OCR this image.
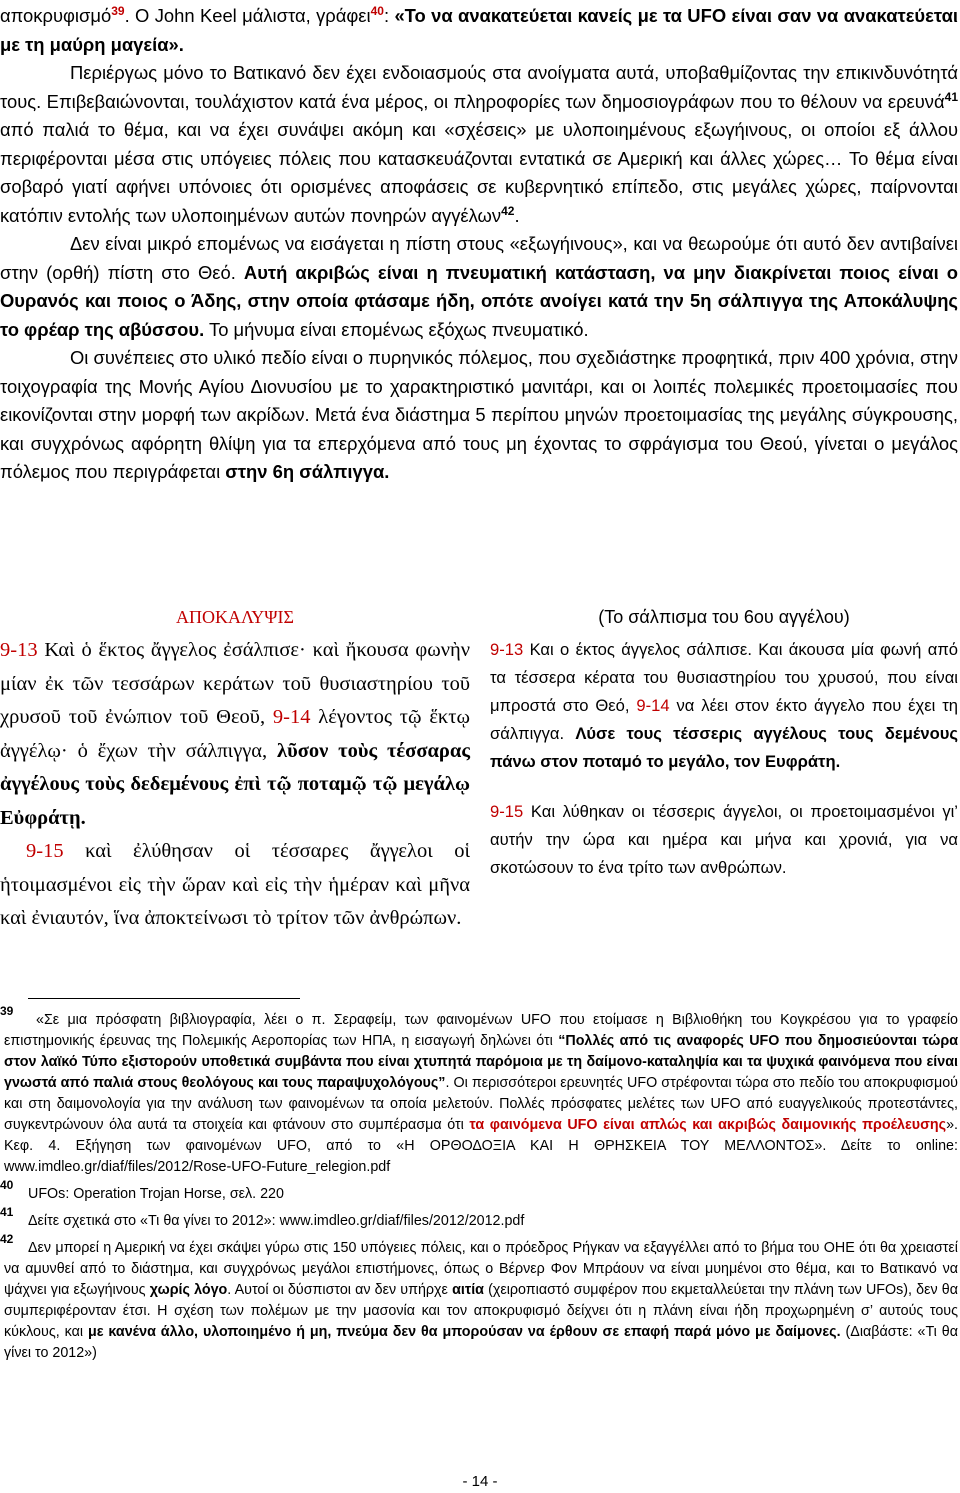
αποκρυφισμό$^{39}$. Ο John Keel μάλιστα, γράφει$^{40}$: «Το να ανακατεύεται κανείς με τα UFO είναι σαν να ανακατεύεται με τη μαύρη μαγεία».

Περιέργως μόνο το Βατικανό δεν έχει ενδοιασμούς στα ανοίγματα αυτά, υποβαθμίζοντας την επικινδυνότητά τους. Επιβεβαιώνονται, τουλάχιστον κατά ένα μέρος, οι πληροφορίες των δημοσιογράφων που το θέλουν να ερευνά$^{41}$ από παλιά το θέμα, και να έχει συνάψει ακόμη και «σχέσεις» με υλοποιημένους εξωγήινους, οι οποίοι εξ άλλου περιφέρονται μέσα στις υπόγειες πόλεις που κατασκευάζονται εντατικά σε Αμερική και άλλες χώρες… Το θέμα είναι σοβαρό γιατί αφήνει υπόνοιες ότι ορισμένες αποφάσεις σε κυβερνητικό επίπεδο, στις μεγάλες χώρες, παίρνονται κατόπιν εντολής των υλοποιημένων αυτών πονηρών αγγέλων$^{42}$.

Δεν είναι μικρό επομένως να εισάγεται η πίστη στους «εξωγήινους», και να θεωρούμε ότι αυτό δεν αντιβαίνει στην (ορθή) πίστη στο Θεό. Αυτή ακριβώς είναι η πνευματική κατάσταση, να μην διακρίνεται ποιος είναι ο Ουρανός και ποιος ο Άδης, στην οποία φτάσαμε ήδη, οπότε ανοίγει κατά την 5η σάλπιγγα της Αποκάλυψης το φρέαρ της αβύσσου. Το μήνυμα είναι επομένως εξόχως πνευματικό.

Οι συνέπειες στο υλικό πεδίο είναι ο πυρηνικός πόλεμος, που σχεδιάστηκε προφητικά, πριν 400 χρόνια, στην τοιχογραφία της Μονής Αγίου Διονυσίου με το χαρακτηριστικό μανιτάρι, και οι λοιπές πολεμικές προετοιμασίες που εικονίζονται στην μορφή των ακρίδων. Μετά ένα διάστημα 5 περίπου μηνών προετοιμασίας της μεγάλης σύγκρουσης, και συγχρόνως αφόρητη θλίψη για τα επερχόμενα από τους μη έχοντας το σφράγισμα του Θεού, γίνεται ο μεγάλος πόλεμος που περιγράφεται στην 6η σάλπιγγα.

ΑΠΟΚΑΛΥΨΙΣ

9-13 Καὶ ὁ ἕκτος ἄγγελος ἐσάλπισε· καὶ ἤκουσα φωνὴν μίαν ἐκ τῶν τεσσάρων κεράτων τοῦ θυσιαστηρίου τοῦ χρυσοῦ τοῦ ἐνώπιον τοῦ Θεοῦ, 9-14 λέγοντος τῷ ἕκτῳ ἀγγέλῳ· ὁ ἔχων τὴν σάλπιγγα, λῦσον τοὺς τέσσαρας ἀγγέλους τοὺς δεδεμένους ἐπὶ τῷ ποταμῷ τῷ μεγάλῳ Εὐφράτῃ.

9-15 καὶ ἐλύθησαν οἱ τέσσαρες ἄγγελοι οἱ ἡτοιμασμένοι εἰς τὴν ὥραν καὶ εἰς τὴν ἡμέραν καὶ μῆνα καὶ ἐνιαυτόν, ἵνα ἀποκτείνωσι τὸ τρίτον τῶν ἀνθρώπων.

(Το σάλπισμα του 6ου αγγέλου)

9-13 Και ο έκτος άγγελος σάλπισε. Και άκουσα μία φωνή από τα τέσσερα κέρατα του θυσιαστηρίου του χρυσού, που είναι μπροστά στο Θεό, 9-14 να λέει στον έκτο άγγελο που έχει τη σάλπιγγα. Λύσε τους τέσσερις αγγέλους τους δεμένους πάνω στον ποταμό το μεγάλο, τον Ευφράτη.

9-15 Και λύθηκαν οι τέσσερις άγγελοι, οι προετοιμασμένοι γι’ αυτήν την ώρα και ημέρα και μήνα και χρονιά, για να σκοτώσουν το ένα τρίτο των ανθρώπων.

39

«Σε μια πρόσφατη βιβλιογραφία, λέει ο π. Σεραφείμ, των φαινομένων UFO που ετοίμασε η Βιβλιοθήκη του Κογκρέσου για το γραφείο επιστημονικής έρευνας της Πολεμικής Αεροπορίας των ΗΠΑ, η εισαγωγή δηλώνει ότι “Πολλές από τις αναφορές UFO που δημοσιεύονται τώρα στον λαϊκό Τύπο εξιστορούν υποθετικά συμβάντα που είναι χτυπητά παρόμοια με τη δαίμονο-καταληψία και τα ψυχικά φαινόμενα που είναι γνωστά από παλιά στους θεολόγους και τους παραψυχολόγους”. Οι περισσότεροι ερευνητές UFO στρέφονται τώρα στο πεδίο του αποκρυφισμού και στη δαιμονολογία για την ανάλυση των φαινομένων τα οποία μελετούν. Πολλές πρόσφατες μελέτες των UFO από ευαγγελικούς προτεστάντες, συγκεντρώνουν όλα αυτά τα στοιχεία και φτάνουν στο συμπέρασμα ότι τα φαινόμενα UFO είναι απλώς και ακριβώς δαιμονικής προέλευσης». Κεφ. 4. Εξήγηση των φαινομένων UFO, από το «Η ΟΡΘΟΔΟΞΙΑ ΚΑΙ Η ΘΡΗΣΚΕΙΑ ΤΟΥ ΜΕΛΛΟΝΤΟΣ». Δείτε το online: www.imdleo.gr/diaf/files/2012/Rose-UFO-Future_relegion.pdf

40

UFOs: Operation Trojan Horse, σελ. 220

41

Δείτε σχετικά στο «Τι θα γίνει το 2012»: www.imdleo.gr/diaf/files/2012/2012.pdf

42

Δεν μπορεί η Αμερική να έχει σκάψει γύρω στις 150 υπόγειες πόλεις, και ο πρόεδρος Ρήγκαν να εξαγγέλλει από το βήμα του ΟΗΕ ότι θα χρειαστεί να αμυνθεί από το διάστημα, και συγχρόνως μεγάλοι επιστήμονες, όπως ο Βέρνερ Φον Μπράουν να είναι μυημένοι στο θέμα, και το Βατικανό να ψάχνει για εξωγήινους χωρίς λόγο. Αυτοί οι δύσπιστοι αν δεν υπήρχε αιτία (χειροπιαστό συμφέρον που εκμεταλλεύεται την πλάνη των UFOs), δεν θα συμπεριφέρονταν έτσι. Η σχέση των πολέμων με την μασονία και τον αποκρυφισμό δείχνει ότι η πλάνη είναι ήδη προχωρημένη σ’ αυτούς τους κύκλους, και με κανένα άλλο, υλοποιημένο ή μη, πνεύμα δεν θα μπορούσαν να έρθουν σε επαφή παρά μόνο με δαίμονες. (Διαβάστε: «Τι θα γίνει το 2012»)

- 14 -
